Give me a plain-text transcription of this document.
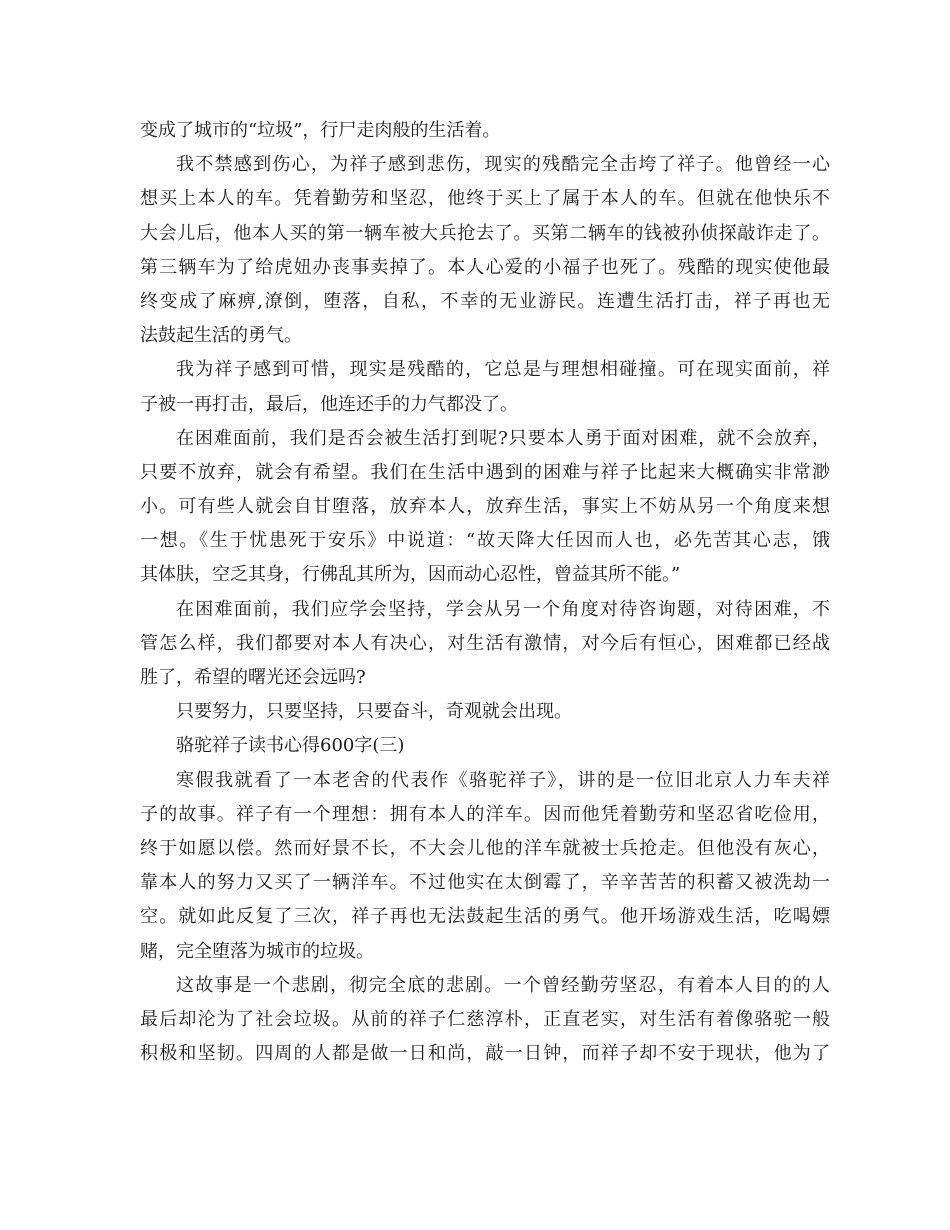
变成了城市的“垃圾”，行尸走肉般的生活着。
我不禁感到伤心，为祥子感到悲伤，现实的残酷完全击垮了祥子。他曾经一心
想买上本人的车。凭着勤劳和坚忍，他终于买上了属于本人的车。但就在他快乐不
大会儿后，他本人买的第一辆车被大兵抢去了。买第二辆车的钱被孙侦探敲诈走了。
第三辆车为了给虎妞办丧事卖掉了。本人心爱的小福子也死了。残酷的现实使他最
终变成了麻痹,潦倒，堕落，自私，不幸的无业游民。连遭生活打击，祥子再也无
法鼓起生活的勇气。
我为祥子感到可惜，现实是残酷的，它总是与理想相碰撞。可在现实面前，祥
子被一再打击，最后，他连还手的力气都没了。
在困难面前，我们是否会被生活打到呢?只要本人勇于面对困难，就不会放弃，
只要不放弃，就会有希望。我们在生活中遇到的困难与祥子比起来大概确实非常渺
小。可有些人就会自甘堕落，放弃本人，放弃生活，事实上不妨从另一个角度来想
一想。《生于忧患死于安乐》中说道：“故天降大任因而人也，必先苦其心志，饿
其体肤，空乏其身，行佛乱其所为，因而动心忍性，曾益其所不能。”
在困难面前，我们应学会坚持，学会从另一个角度对待咨询题，对待困难，不
管怎么样，我们都要对本人有决心，对生活有激情，对今后有恒心，困难都已经战
胜了，希望的曙光还会远吗?
只要努力，只要坚持，只要奋斗，奇观就会出现。
骆驼祥子读书心得600字(三)
寒假我就看了一本老舍的代表作《骆驼祥子》，讲的是一位旧北京人力车夫祥
子的故事。祥子有一个理想：拥有本人的洋车。因而他凭着勤劳和坚忍省吃俭用，
终于如愿以偿。然而好景不长，不大会儿他的洋车就被士兵抢走。但他没有灰心，
靠本人的努力又买了一辆洋车。不过他实在太倒霉了，辛辛苦苦的积蓄又被洗劫一
空。就如此反复了三次，祥子再也无法鼓起生活的勇气。他开场游戏生活，吃喝嫖
赌，完全堕落为城市的垃圾。
这故事是一个悲剧，彻完全底的悲剧。一个曾经勤劳坚忍，有着本人目的的人
最后却沦为了社会垃圾。从前的祥子仁慈淳朴，正直老实，对生活有着像骆驼一般
积极和坚韧。四周的人都是做一日和尚，敲一日钟，而祥子却不安于现状，他为了
